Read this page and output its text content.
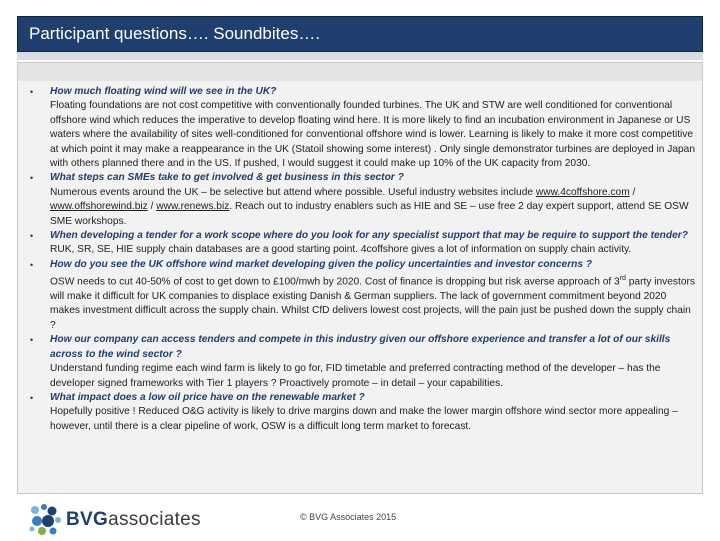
Participant questions…. Soundbites….
• How much floating wind will we see in the UK?
Floating foundations are not cost competitive with conventionally founded turbines. The UK and STW are well conditioned for conventional offshore wind which reduces the imperative to develop floating wind here. It is more likely to find an incubation environment in Japanese or US waters where the availability of sites well-conditioned for conventional offshore wind is lower. Learning is likely to make it more cost competitive at which point it may make a reappearance in the UK (Statoil showing some interest) . Only single demonstrator turbines are deployed in Japan with others planned there and in the US. If pushed, I would suggest it could make up 10% of the UK capacity from 2030.
• What steps can SMEs take to get involved & get business in this sector ?
Numerous events around the UK – be selective but attend where possible. Useful industry websites include www.4coffshore.com / www.offshorewind.biz / www.renews.biz. Reach out to industry enablers such as HIE and SE – use free 2 day expert support, attend SE OSW SME workshops.
• When developing a tender for a work scope where do you look for any specialist support that may be require to support the tender?
RUK, SR, SE, HIE supply chain databases are a good starting point. 4coffshore gives a lot of information on supply chain activity.
• How do you see the UK offshore wind market developing given the policy uncertainties and investor concerns ?
OSW needs to cut 40-50% of cost to get down to £100/mwh by 2020. Cost of finance is dropping but risk averse approach of 3rd party investors will make it difficult for UK companies to displace existing Danish & German suppliers. The lack of government commitment beyond 2020 makes investment difficult across the supply chain. Whilst CfD delivers lowest cost projects, will the pain just be pushed down the supply chain ?
• How our company can access tenders and compete in this industry given our offshore experience and transfer a lot of our skills across to the wind sector ?
Understand funding regime each wind farm is likely to go for, FID timetable and preferred contracting method of the developer – has the developer signed frameworks with Tier 1 players ? Proactively promote – in detail – your capabilities.
• What impact does a low oil price have on the renewable market ?
Hopefully positive ! Reduced O&G activity is likely to drive margins down and make the lower margin offshore wind sector more appealing – however, until there is a clear pipeline of work, OSW is a difficult long term market to forecast.
BVGassociates	© BVG Associates 2015
